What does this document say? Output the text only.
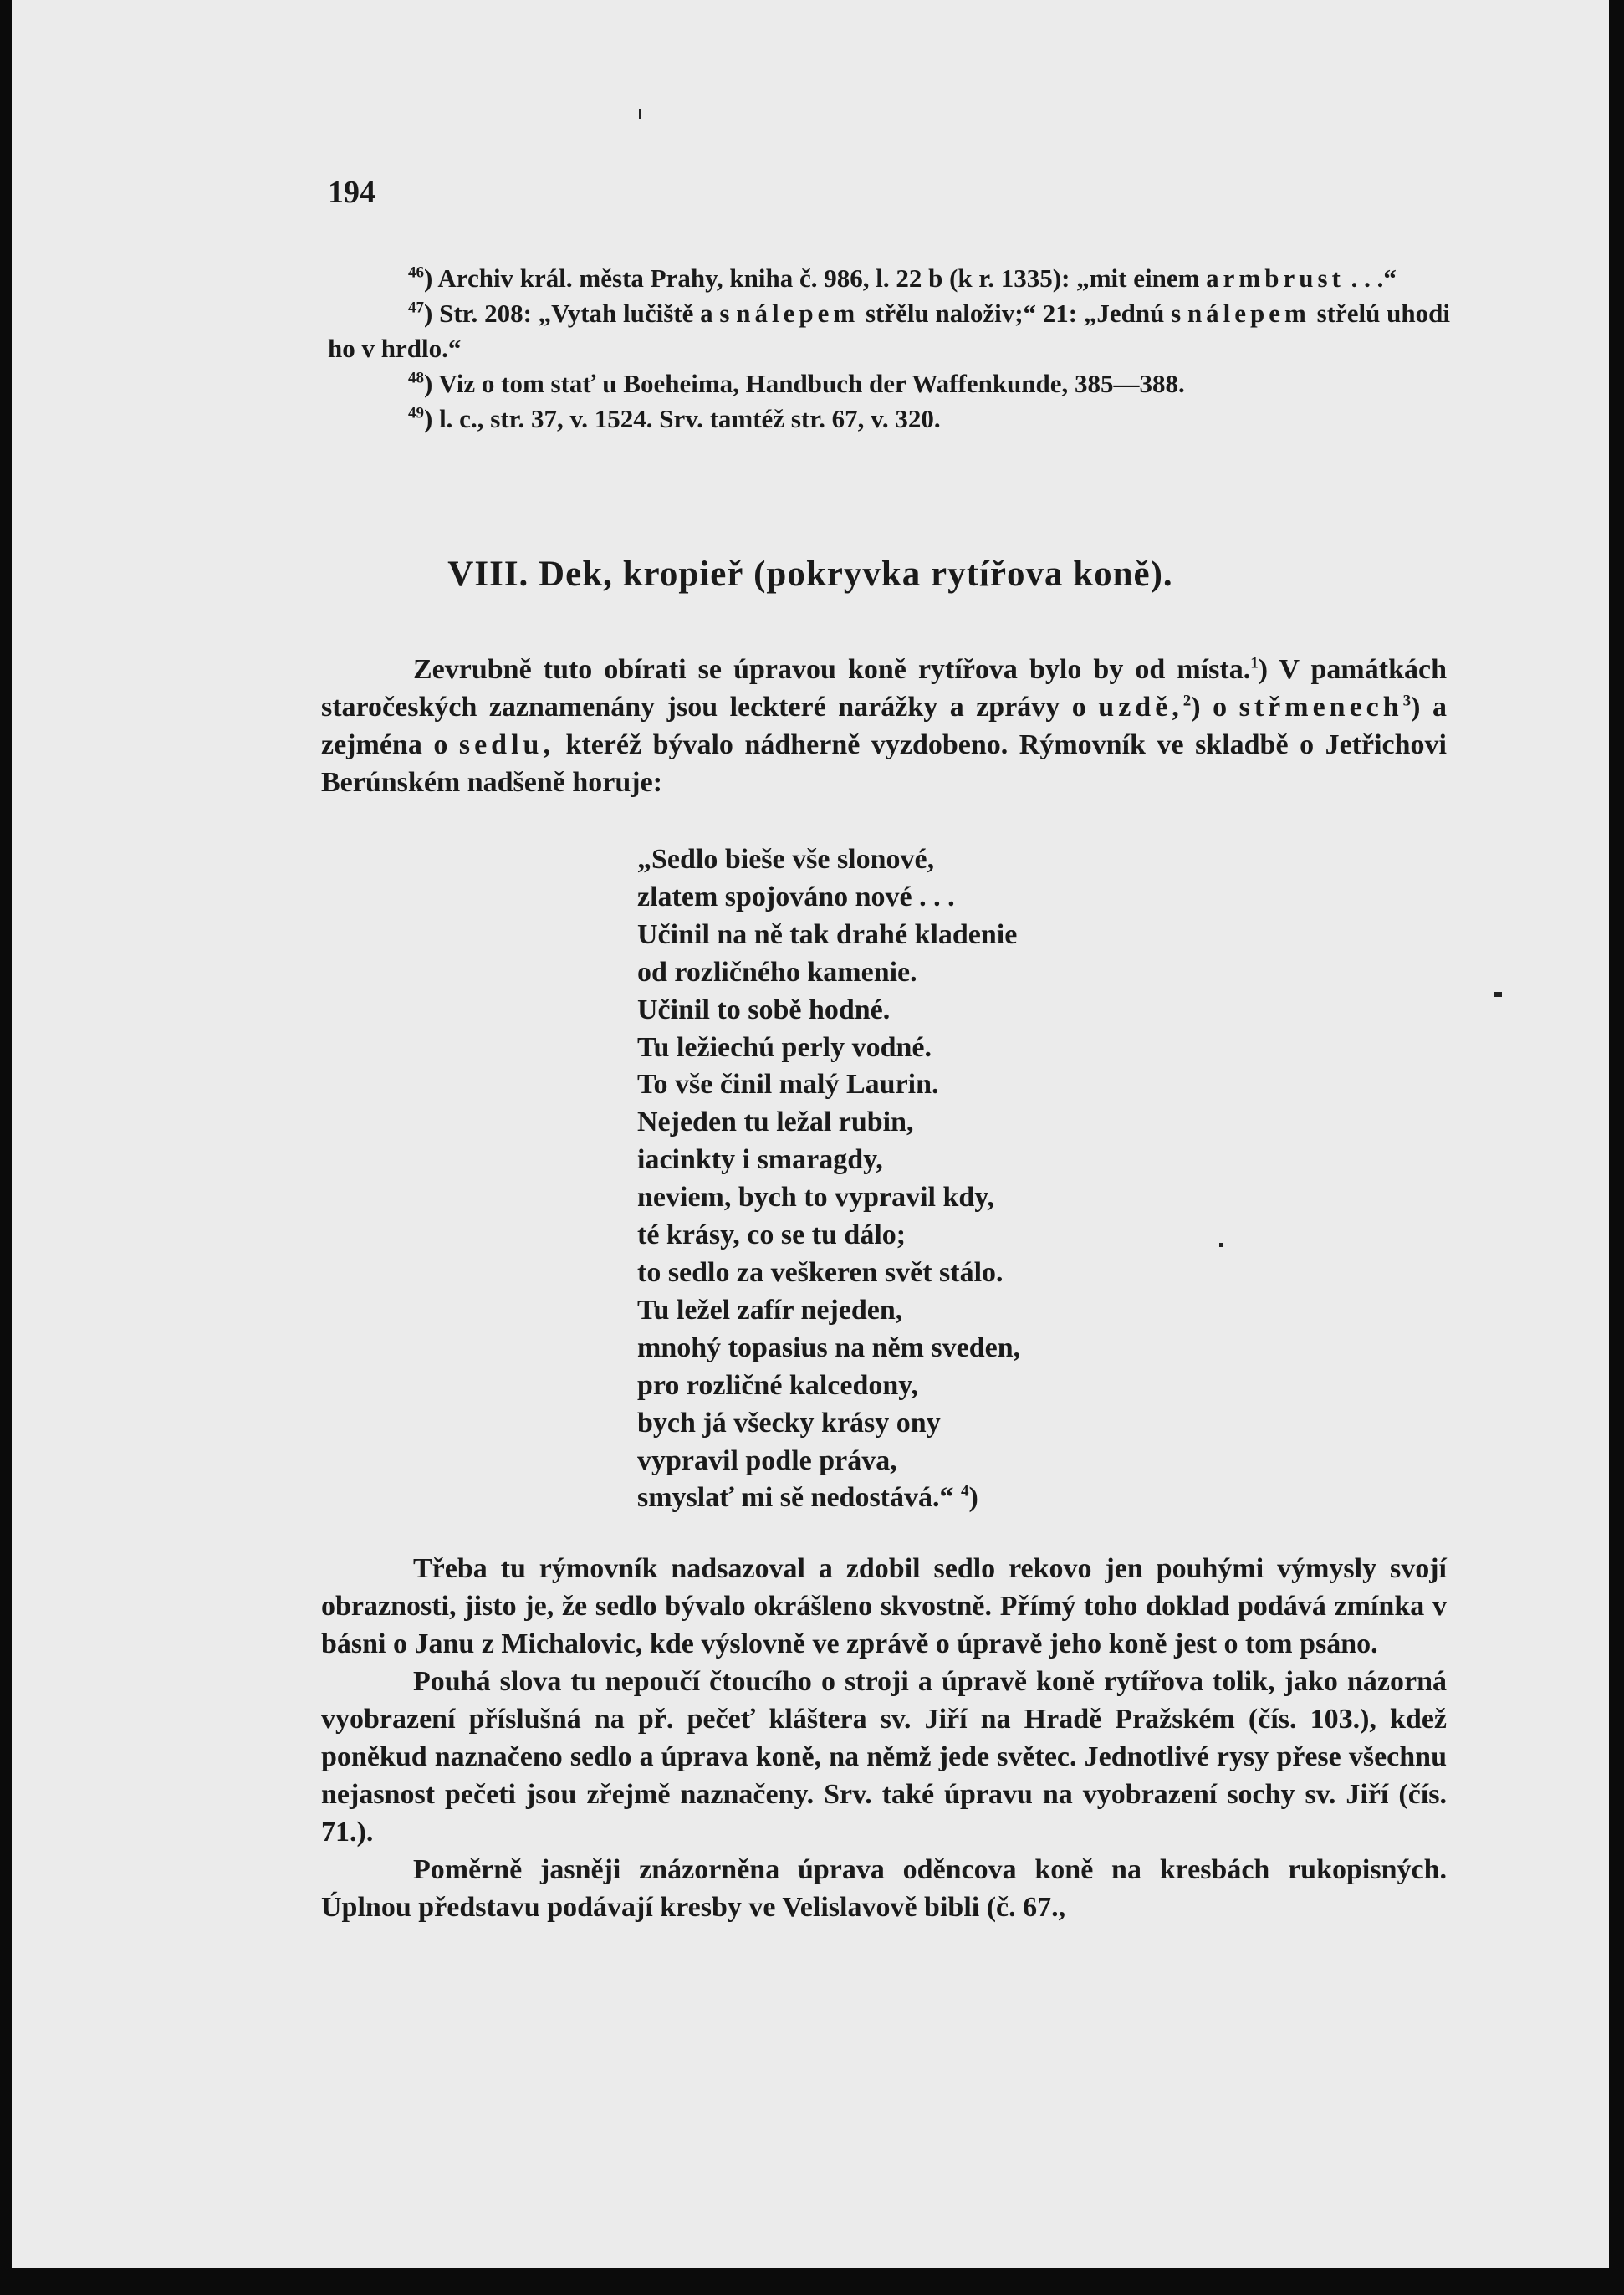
194

$^{46}$) Archiv král. města Prahy, kniha č. 986, l. 22 b (k r. 1335): „mit einem armbrust . . .“

$^{47}$) Str. 208: „Vytah lučiště a s nálepem střělu naloživ;“ 21: „Jednú s nálepem střelú uhodi ho v hrdlo.“

$^{48}$) Viz o tom stať u Boeheima, Handbuch der Waffenkunde, 385—388.

$^{49}$) l. c., str. 37, v. 1524. Srv. tamtéž str. 67, v. 320.

VIII. Dek, kropieř (pokryvka rytířova koně).

Zevrubně tuto obírati se úpravou koně rytířova bylo by od místa.$^1$) V památkách staročeských zaznamenány jsou leckteré narážky a zprávy o uzdě,$^2$) o střmenech$^3$) a zejména o sedlu, kteréž bývalo nádherně vyzdobeno. Rýmovník ve skladbě o Jetřichovi Berúnském nadšeně horuje:

„Sedlo bieše vše slonové,
zlatem spojováno nové . . .
Učinil na ně tak drahé kladenie
od rozličného kamenie.
Učinil to sobě hodné.
Tu ležiechú perly vodné.
To vše činil malý Laurin.
Nejeden tu ležal rubin,
iacinkty i smaragdy,
neviem, bych to vypravil kdy,
té krásy, co se tu dálo;
to sedlo za veškeren svět stálo.
Tu ležel zafír nejeden,
mnohý topasius na něm sveden,
pro rozličné kalcedony,
bych já všecky krásy ony
vypravil podle práva,
smyslať mi sě nedostává.“ $^4$)

Třeba tu rýmovník nadsazoval a zdobil sedlo rekovo jen pouhými výmysly svojí obraznosti, jisto je, že sedlo bývalo okrášleno skvostně. Přímý toho doklad podává zmínka v básni o Janu z Michalovic, kde výslovně ve zprávě o úpravě jeho koně jest o tom psáno.

Pouhá slova tu nepoučí čtoucího o stroji a úpravě koně rytířova tolik, jako názorná vyobrazení příslušná na př. pečeť kláštera sv. Jiří na Hradě Pražském (čís. 103.), kdež poněkud naznačeno sedlo a úprava koně, na němž jede světec. Jednotlivé rysy přese všechnu nejasnost pečeti jsou zřejmě naznačeny. Srv. také úpravu na vyobrazení sochy sv. Jiří (čís. 71.).

Poměrně jasněji znázorněna úprava oděncova koně na kresbách rukopisných. Úplnou představu podávají kresby ve Velislavově bibli (č. 67.,
